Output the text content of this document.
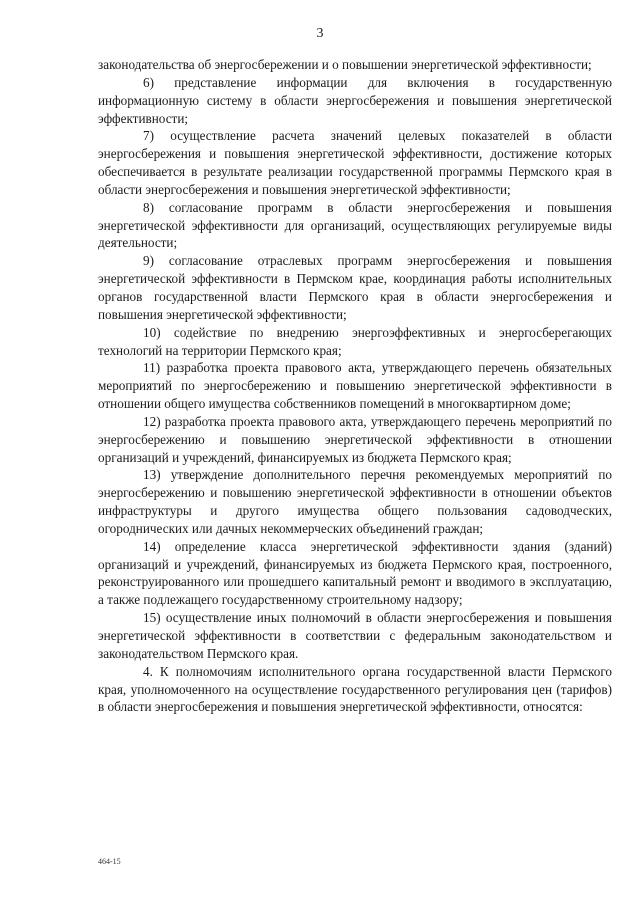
3

законодательства об энергосбережении и о повышении энергетической эффективности;

6) представление информации для включения в государственную информационную систему в области энергосбережения и повышения энергетической эффективности;

7) осуществление расчета значений целевых показателей в области энергосбережения и повышения энергетической эффективности, достижение которых обеспечивается в результате реализации государственной программы Пермского края в области энергосбережения и повышения энергетической эффективности;

8) согласование программ в области энергосбережения и повышения энергетической эффективности для организаций, осуществляющих регулируемые виды деятельности;

9) согласование отраслевых программ энергосбережения и повышения энергетической эффективности в Пермском крае, координация работы исполнительных органов государственной власти Пермского края в области энергосбережения и повышения энергетической эффективности;

10) содействие по внедрению энергоэффективных и энергосберегающих технологий на территории Пермского края;

11) разработка проекта правового акта, утверждающего перечень обязательных мероприятий по энергосбережению и повышению энергетической эффективности в отношении общего имущества собственников помещений в многоквартирном доме;

12) разработка проекта правового акта, утверждающего перечень мероприятий по энергосбережению и повышению энергетической эффективности в отношении организаций и учреждений, финансируемых из бюджета Пермского края;

13) утверждение дополнительного перечня рекомендуемых мероприятий по энергосбережению и повышению энергетической эффективности в отношении объектов инфраструктуры и другого имущества общего пользования садоводческих, огороднических или дачных некоммерческих объединений граждан;

14) определение класса энергетической эффективности здания (зданий) организаций и учреждений, финансируемых из бюджета Пермского края, построенного, реконструированного или прошедшего капитальный ремонт и вводимого в эксплуатацию, а также подлежащего государственному строительному надзору;

15) осуществление иных полномочий в области энергосбережения и повышения энергетической эффективности в соответствии с федеральным законодательством и законодательством Пермского края.

4. К полномочиям исполнительного органа государственной власти Пермского края, уполномоченного на осуществление государственного регулирования цен (тарифов) в области энергосбережения и повышения энергетической эффективности, относятся:

464-15
